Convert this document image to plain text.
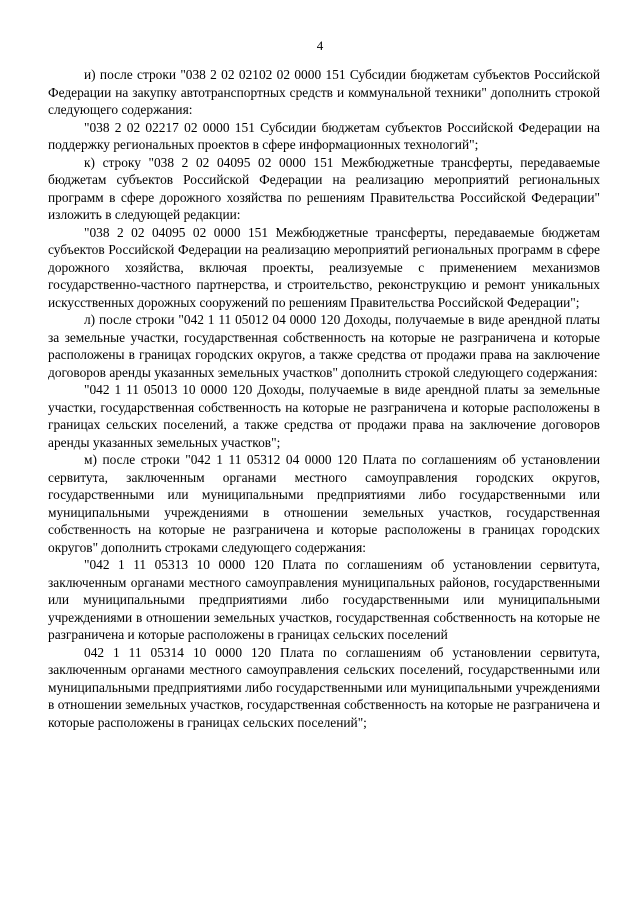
4

и) после строки "038 2 02 02102 02 0000 151 Субсидии бюджетам субъектов Российской Федерации на закупку автотранспортных средств и коммунальной техники" дополнить строкой следующего содержания:

"038 2 02 02217 02 0000 151 Субсидии бюджетам субъектов Российской Федерации на поддержку региональных проектов в сфере информационных технологий";

к) строку "038 2 02 04095 02 0000 151 Межбюджетные трансферты, передаваемые бюджетам субъектов Российской Федерации на реализацию мероприятий региональных программ в сфере дорожного хозяйства по решениям Правительства Российской Федерации" изложить в следующей редакции:

"038 2 02 04095 02 0000 151 Межбюджетные трансферты, передаваемые бюджетам субъектов Российской Федерации на реализацию мероприятий региональных программ в сфере дорожного хозяйства, включая проекты, реализуемые с применением механизмов государственно-частного партнерства, и строительство, реконструкцию и ремонт уникальных искусственных дорожных сооружений по решениям Правительства Российской Федерации";

л) после строки "042 1 11 05012 04 0000 120 Доходы, получаемые в виде арендной платы за земельные участки, государственная собственность на которые не разграничена и которые расположены в границах городских округов, а также средства от продажи права на заключение договоров аренды указанных земельных участков" дополнить строкой следующего содержания:

"042 1 11 05013 10 0000 120 Доходы, получаемые в виде арендной платы за земельные участки, государственная собственность на которые не разграничена и которые расположены в границах сельских поселений, а также средства от продажи права на заключение договоров аренды указанных земельных участков";

м) после строки "042 1 11 05312 04 0000 120 Плата по соглашениям об установлении сервитута, заключенным органами местного самоуправления городских округов, государственными или муниципальными предприятиями либо государственными или муниципальными учреждениями в отношении земельных участков, государственная собственность на которые не разграничена и которые расположены в границах городских округов" дополнить строками следующего содержания:

"042 1 11 05313 10 0000 120 Плата по соглашениям об установлении сервитута, заключенным органами местного самоуправления муниципальных районов, государственными или муниципальными предприятиями либо государственными или муниципальными учреждениями в отношении земельных участков, государственная собственность на которые не разграничена и которые расположены в границах сельских поселений

042 1 11 05314 10 0000 120 Плата по соглашениям об установлении сервитута, заключенным органами местного самоуправления сельских поселений, государственными или муниципальными предприятиями либо государственными или муниципальными учреждениями в отношении земельных участков, государственная собственность на которые не разграничена и которые расположены в границах сельских поселений";
